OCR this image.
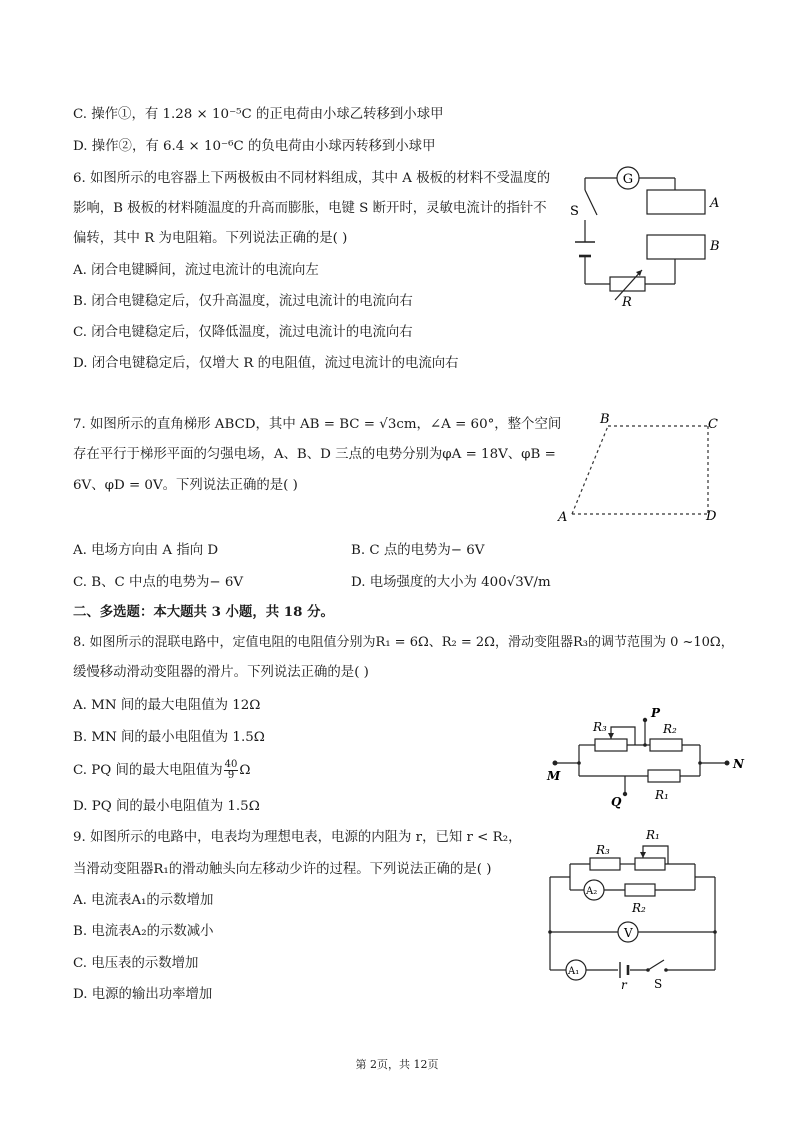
C. 操作①，有 1.28 × 10⁻⁵C 的正电荷由小球乙转移到小球甲
D. 操作②，有 6.4 × 10⁻⁶C 的负电荷由小球丙转移到小球甲
6. 如图所示的电容器上下两极板由不同材料组成，其中 A 极板的材料不受温度的
影响，B 极板的材料随温度的升高而膨胀，电键 S 断开时，灵敏电流计的指针不
偏转，其中 R 为电阻箱。下列说法正确的是( )
A. 闭合电键瞬间，流过电流计的电流向左
B. 闭合电键稳定后，仅升高温度，流过电流计的电流向右
C. 闭合电键稳定后，仅降低温度，流过电流计的电流向右
D. 闭合电键稳定后，仅增大 R 的电阻值，流过电流计的电流向右
G
A
B
S
R
7. 如图所示的直角梯形 ABCD，其中 AB = BC = √3cm，∠A = 60°，整个空间
存在平行于梯形平面的匀强电场，A、B、D 三点的电势分别为φA = 18V、φB =
6V、φD = 0V。下列说法正确的是( )
B	C
A	D
A. 电场方向由 A 指向 D	B. C 点的电势为− 6V
C. B、C 中点的电势为− 6V	D. 电场强度的大小为 400√3V/m
二、多选题：本大题共 3 小题，共 18 分。
8. 如图所示的混联电路中，定值电阻的电阻值分别为R₁ = 6Ω、R₂ = 2Ω，滑动变阻器R₃的调节范围为 0 ~10Ω，
缓慢移动滑动变阻器的滑片。下列说法正确的是( )
A. MN 间的最大电阻值为 12Ω
B. MN 间的最小电阻值为 1.5Ω
C. PQ 间的最大电阻值为 $\frac{40}{9}$ Ω
D. PQ 间的最小电阻值为 1.5Ω
R₃	R₂
R₁
P
M
N
Q
9. 如图所示的电路中，电表均为理想电表，电源的内阻为 r，已知 r < R₂，
当滑动变阻器R₁的滑动触头向左移动少许的过程。下列说法正确的是( )
A. 电流表A₁的示数增加
B. 电流表A₂的示数减小
C. 电压表的示数增加
D. 电源的输出功率增加
R₁
R₃
A₂
R₂
V
A₁
r S
第 2页，共 12页
